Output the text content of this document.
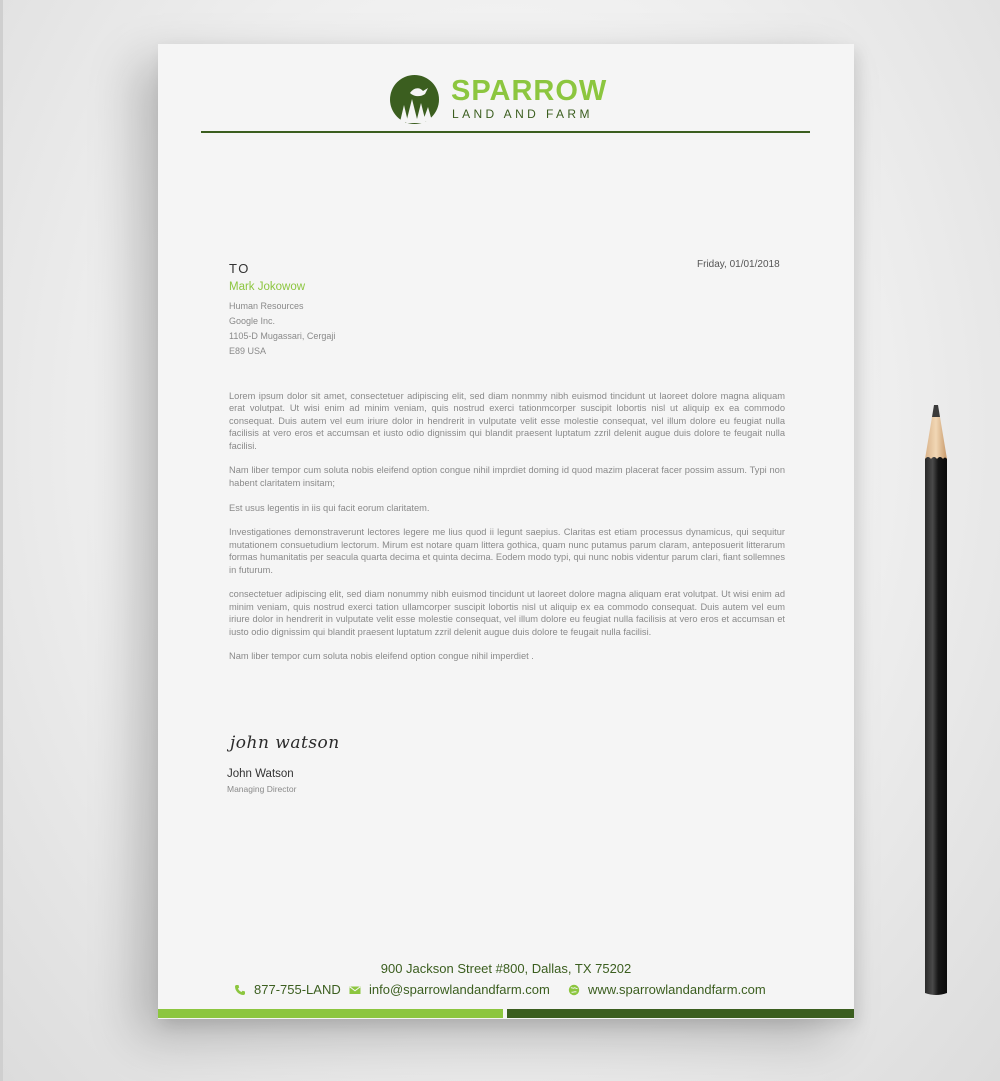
SPARROW
LAND AND FARM
TO	Friday, 01/01/2018
Mark Jokowow
Human Resources
Google Inc.
1105-D Mugassari, Cergaji
E89 USA

Lorem ipsum dolor sit amet, consectetuer adipiscing elit, sed diam nonmmy nibh euismod tincidunt ut laoreet dolore magna aliquam erat volutpat. Ut wisi enim ad minim veniam, quis nostrud exerci tationmcorper suscipit lobortis nisl ut aliquip ex ea commodo consequat. Duis autem vel eum iriure dolor in hendrerit in vulputate velit esse molestie consequat, vel illum dolore eu feugiat nulla facilisis at vero eros et accumsan et iusto odio dignissim qui blandit praesent luptatum zzril delenit augue duis dolore te feugait nulla facilisi.

Nam liber tempor cum soluta nobis eleifend option congue nihil imprdiet doming id quod mazim placerat facer possim assum. Typi non habent claritatem insitam;

Est usus legentis in iis qui facit eorum claritatem.

Investigationes demonstraverunt lectores legere me lius quod ii legunt saepius. Claritas est etiam processus dynamicus, qui sequitur mutationem consuetudium lectorum. Mirum est notare quam littera gothica, quam nunc putamus parum claram, anteposuerit litterarum formas humanitatis per seacula quarta decima et quinta decima. Eodem modo typi, qui nunc nobis videntur parum clari, fiant sollemnes in futurum.

consectetuer adipiscing elit, sed diam nonummy nibh euismod tincidunt ut laoreet dolore magna aliquam erat volutpat. Ut wisi enim ad minim veniam, quis nostrud exerci tation ullamcorper suscipit lobortis nisl ut aliquip ex ea commodo consequat. Duis autem vel eum iriure dolor in hendrerit in vulputate velit esse molestie consequat, vel illum dolore eu feugiat nulla facilisis at vero eros et accumsan et iusto odio dignissim qui blandit praesent luptatum zzril delenit augue duis dolore te feugait nulla facilisi.

Nam liber tempor cum soluta nobis eleifend option congue nihil imperdiet .

john watson
John Watson
Managing Director
900 Jackson Street #800, Dallas, TX 75202
877-755-LAND info@sparrowlandandfarm.com	www.sparrowlandandfarm.com
